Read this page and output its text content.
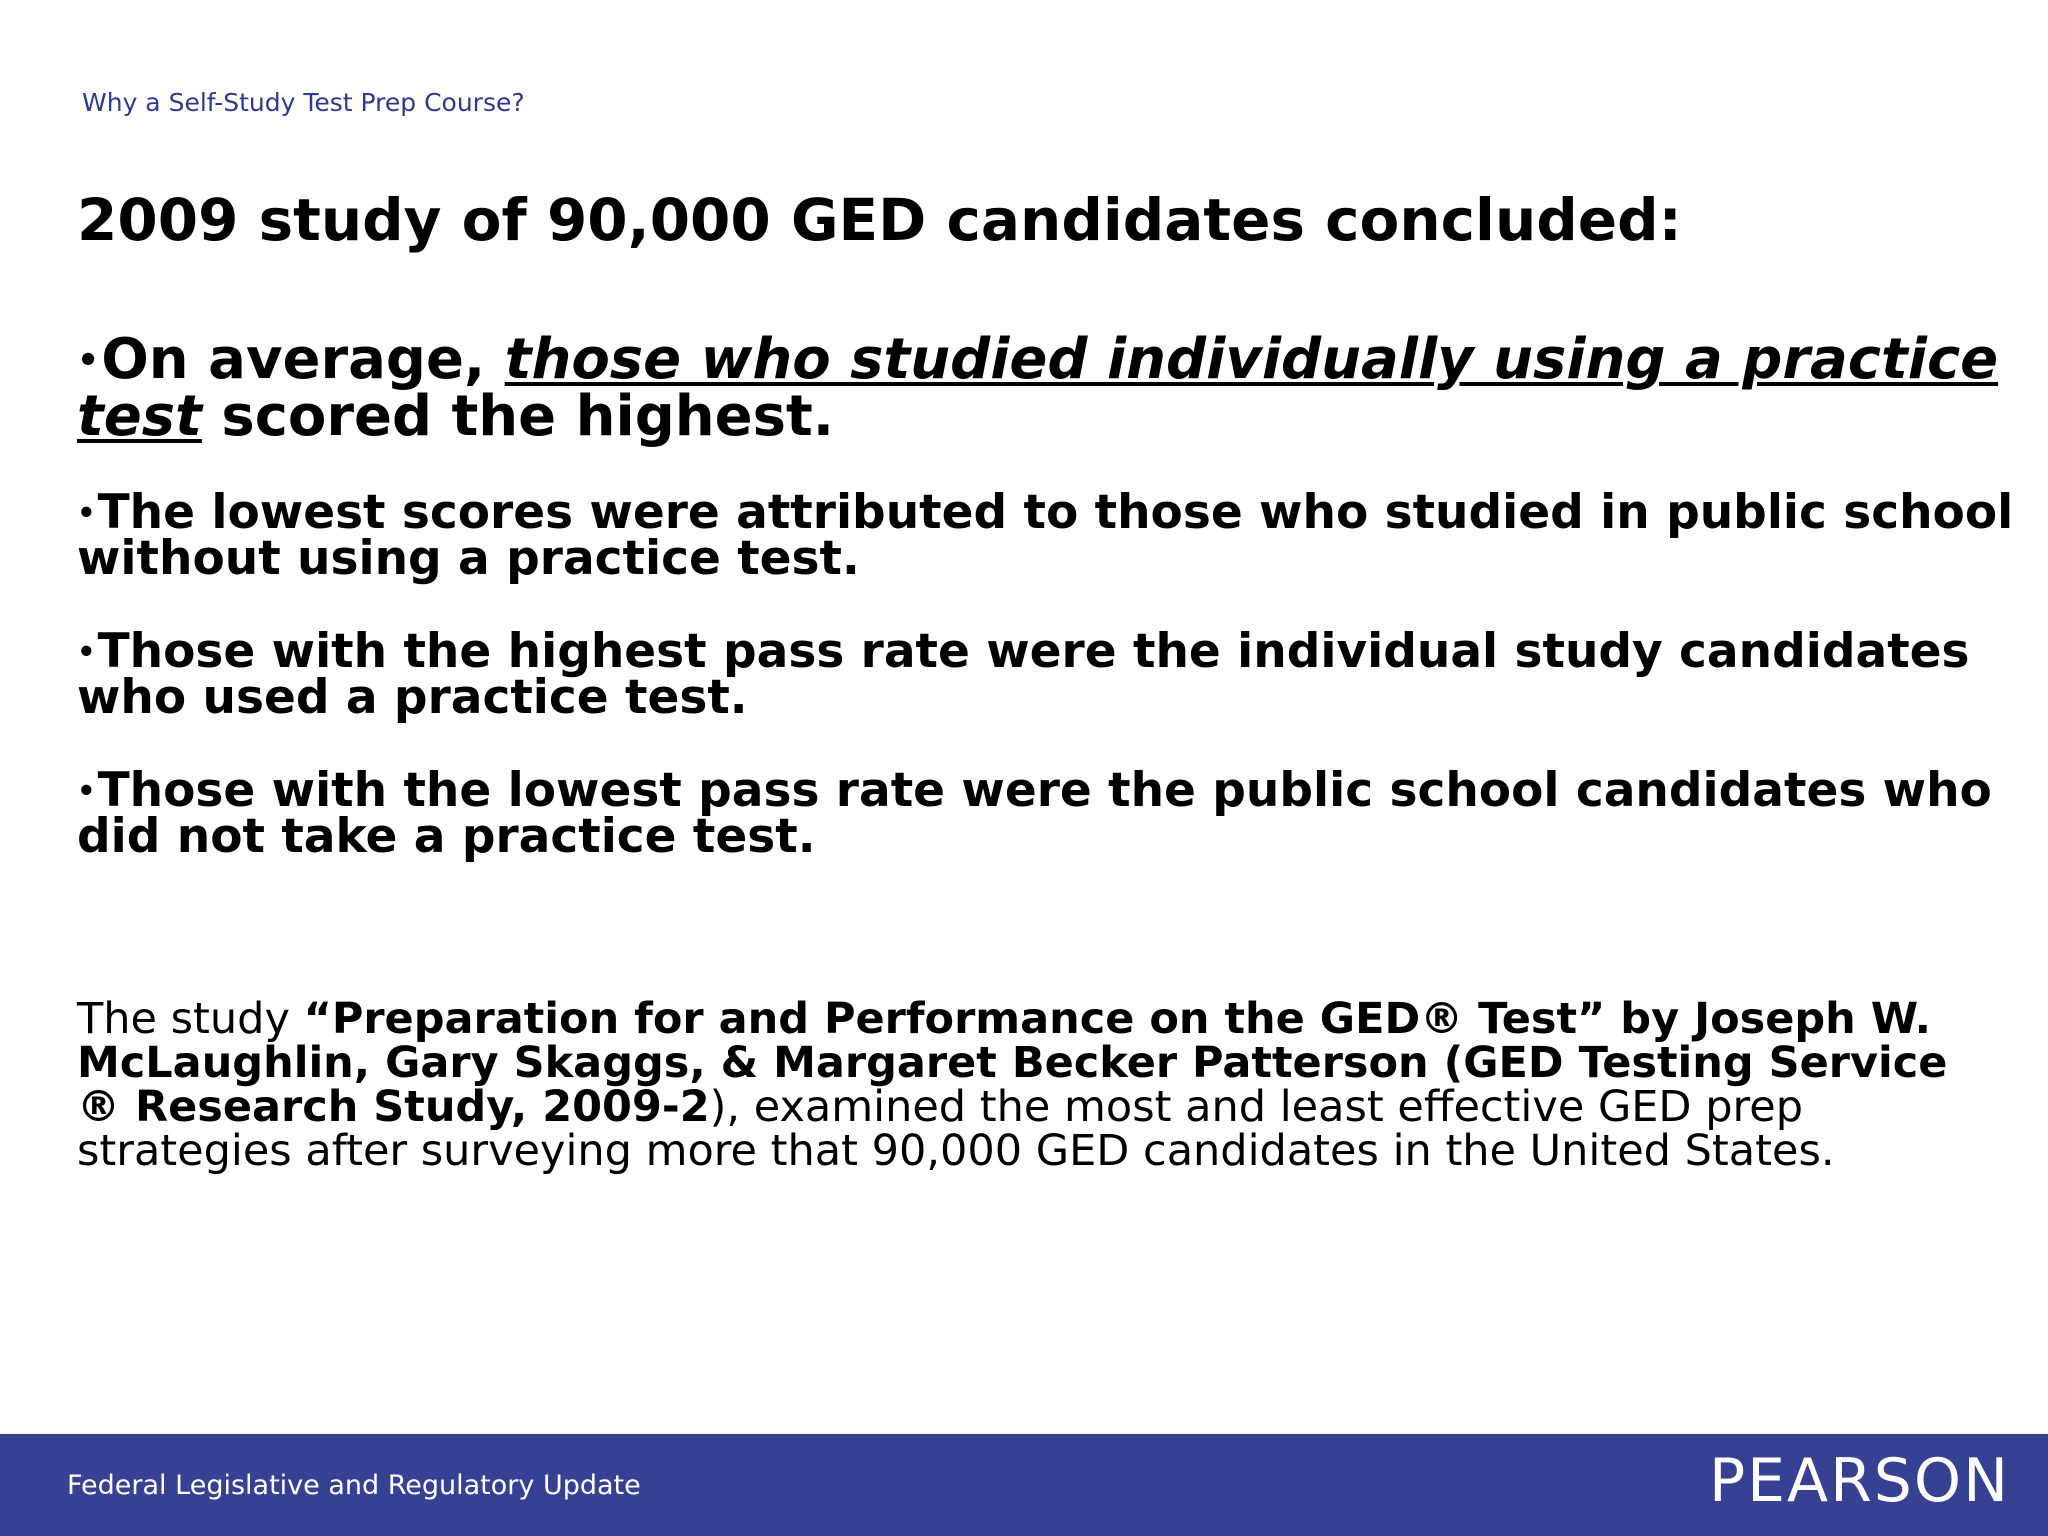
Why a Self-Study Test Prep Course?
2009 study of 90,000 GED candidates concluded:

•On average, those who studied individually using a practice test scored the highest.

•The lowest scores were attributed to those who studied in public school without using a practice test.

•Those with the highest pass rate were the individual study candidates who used a practice test.

•Those with the lowest pass rate were the public school candidates who did not take a practice test.

The study “Preparation for and Performance on the GED® Test” by Joseph W. McLaughlin, Gary Skaggs, & Margaret Becker Patterson (GED Testing Service ® Research Study, 2009-2), examined the most and least effective GED prep strategies after surveying more that 90,000 GED candidates in the United States.

Federal Legislative and Regulatory Update	PEARSON
